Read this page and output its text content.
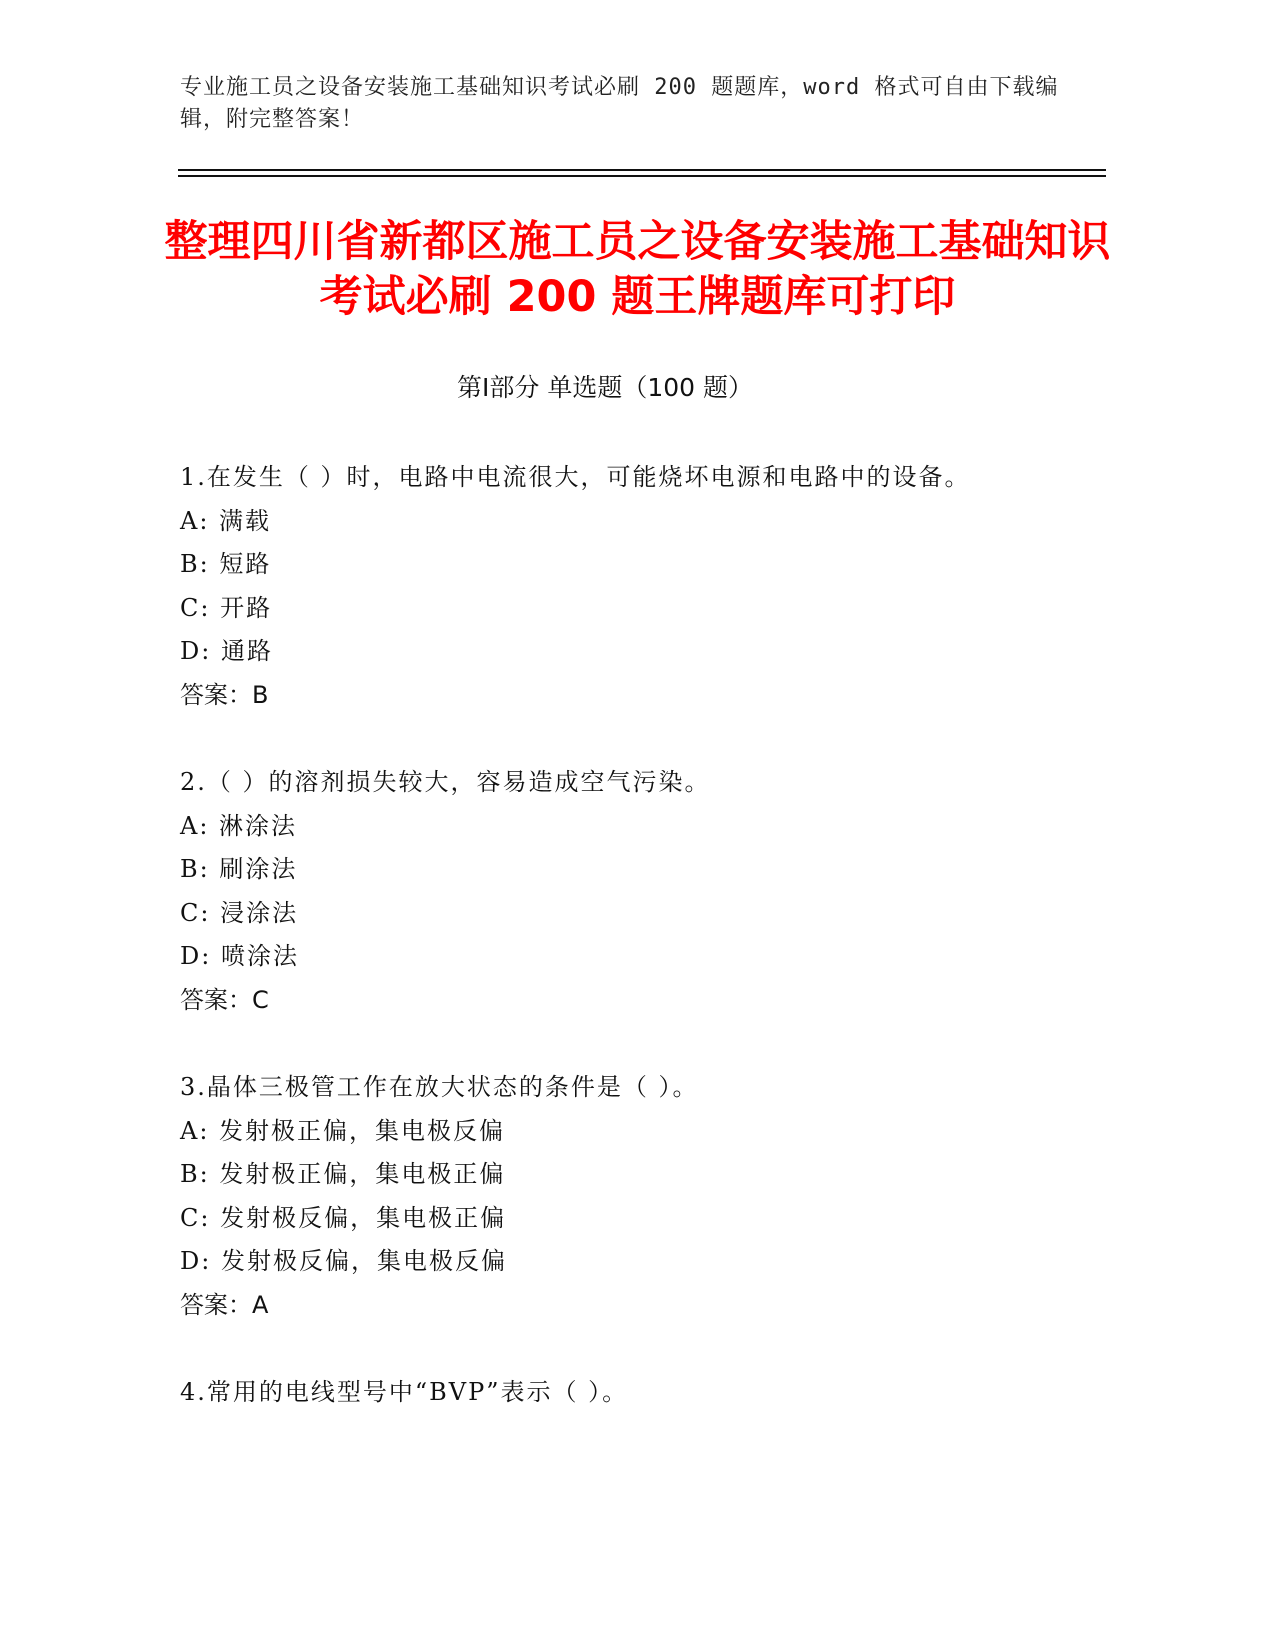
专业施工员之设备安装施工基础知识考试必刷 200 题题库，word 格式可自由下载编辑，附完整答案！
整理四川省新都区施工员之设备安装施工基础知识考试必刷 200 题王牌题库可打印
第Ⅰ部分 单选题（100 题）
1.在发生（ ）时，电路中电流很大，可能烧坏电源和电路中的设备。
A: 满载
B: 短路
C: 开路
D: 通路
答案：B
2.（ ）的溶剂损失较大，容易造成空气污染。
A: 淋涂法
B: 刷涂法
C: 浸涂法
D: 喷涂法
答案：C
3.晶体三极管工作在放大状态的条件是（ ）。
A: 发射极正偏，集电极反偏
B: 发射极正偏，集电极正偏
C: 发射极反偏，集电极正偏
D: 发射极反偏，集电极反偏
答案：A
4.常用的电线型号中“BVP”表示（ ）。
